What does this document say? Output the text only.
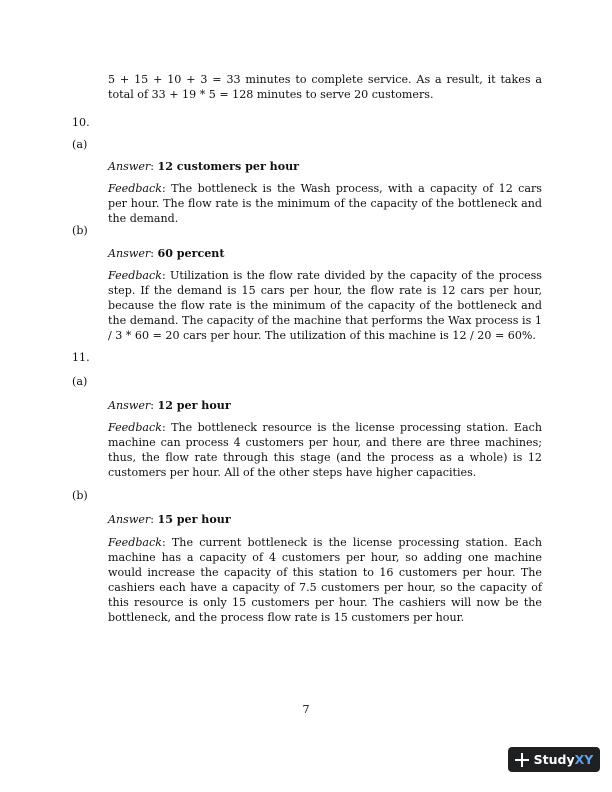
5 + 15 + 10 + 3 = 33 minutes to complete service. As a result, it takes a total of 33 + 19 * 5 = 128 minutes to serve 20 customers.

10.

(a)

Answer: 12 customers per hour

Feedback: The bottleneck is the Wash process, with a capacity of 12 cars per hour. The flow rate is the minimum of the capacity of the bottleneck and the demand.

(b)

Answer: 60 percent

Feedback: Utilization is the flow rate divided by the capacity of the process step. If the demand is 15 cars per hour, the flow rate is 12 cars per hour, because the flow rate is the minimum of the capacity of the bottleneck and the demand. The capacity of the machine that performs the Wax process is 1 / 3 * 60 = 20 cars per hour. The utilization of this machine is 12 / 20 = 60%.

11.

(a)

Answer: 12 per hour

Feedback: The bottleneck resource is the license processing station. Each machine can process 4 customers per hour, and there are three machines; thus, the flow rate through this stage (and the process as a whole) is 12 customers per hour. All of the other steps have higher capacities.

(b)

Answer: 15 per hour

Feedback: The current bottleneck is the license processing station. Each machine has a capacity of 4 customers per hour, so adding one machine would increase the capacity of this station to 16 customers per hour. The cashiers each have a capacity of 7.5 customers per hour, so the capacity of this resource is only 15 customers per hour. The cashiers will now be the bottleneck, and the process flow rate is 15 customers per hour.

7
Study XY
